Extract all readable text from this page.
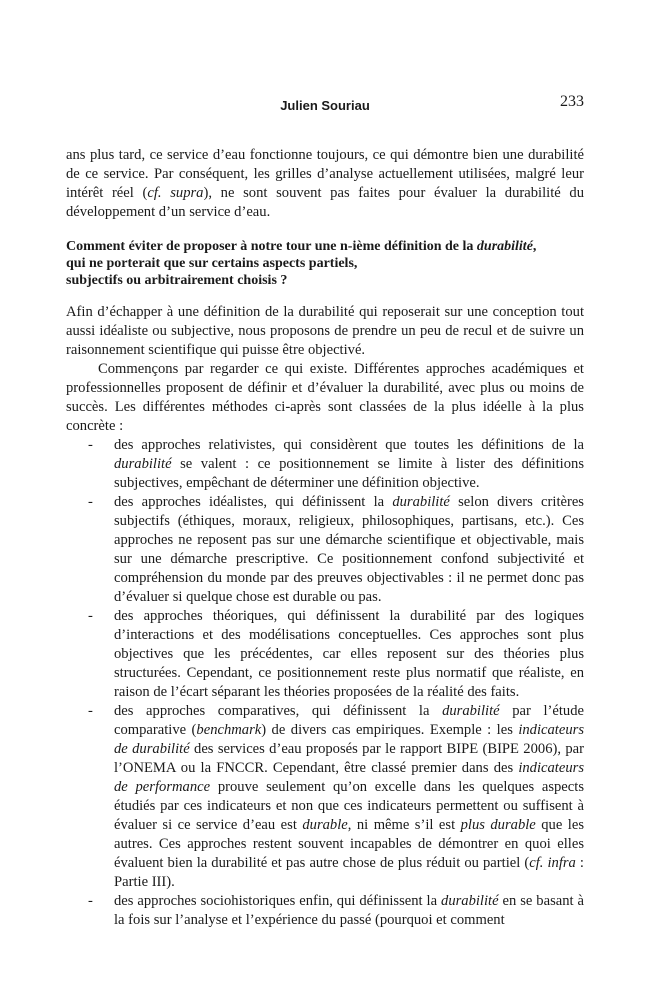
Julien Souriau	233

ans plus tard, ce service d’eau fonctionne toujours, ce qui démontre bien une durabilité de ce service. Par conséquent, les grilles d’analyse actuellement utilisées, malgré leur intérêt réel (cf. supra), ne sont souvent pas faites pour évaluer la durabilité du développement d’un service d’eau.

Comment éviter de proposer à notre tour une n-ième définition de la durabilité,
qui ne porterait que sur certains aspects partiels,
subjectifs ou arbitrairement choisis ?

Afin d’échapper à une définition de la durabilité qui reposerait sur une conception tout aussi idéaliste ou subjective, nous proposons de prendre un peu de recul et de suivre un raisonnement scientifique qui puisse être objectivé.

Commençons par regarder ce qui existe. Différentes approches académiques et professionnelles proposent de définir et d’évaluer la durabilité, avec plus ou moins de succès. Les différentes méthodes ci-après sont classées de la plus idéelle à la plus concrète :

- des approches relativistes, qui considèrent que toutes les définitions de la durabilité se valent : ce positionnement se limite à lister des définitions subjectives, empêchant de déterminer une définition objective.
- des approches idéalistes, qui définissent la durabilité selon divers critères subjectifs (éthiques, moraux, religieux, philosophiques, partisans, etc.). Ces approches ne reposent pas sur une démarche scientifique et objectivable, mais sur une démarche prescriptive. Ce positionnement confond subjectivité et compréhension du monde par des preuves objectivables : il ne permet donc pas d’évaluer si quelque chose est durable ou pas.
- des approches théoriques, qui définissent la durabilité par des logiques d’interactions et des modélisations conceptuelles. Ces approches sont plus objectives que les précédentes, car elles reposent sur des théories plus structurées. Cependant, ce positionnement reste plus normatif que réaliste, en raison de l’écart séparant les théories proposées de la réalité des faits.
- des approches comparatives, qui définissent la durabilité par l’étude comparative (benchmark) de divers cas empiriques. Exemple : les indicateurs de durabilité des services d’eau proposés par le rapport BIPE (BIPE 2006), par l’ONEMA ou la FNCCR. Cependant, être classé premier dans des indicateurs de performance prouve seulement qu’on excelle dans les quelques aspects étudiés par ces indicateurs et non que ces indicateurs permettent ou suffisent à évaluer si ce service d’eau est durable, ni même s’il est plus durable que les autres. Ces approches restent souvent incapables de démontrer en quoi elles évaluent bien la durabilité et pas autre chose de plus réduit ou partiel (cf. infra : Partie III).
- des approches sociohistoriques enfin, qui définissent la durabilité en se basant à la fois sur l’analyse et l’expérience du passé (pourquoi et comment
